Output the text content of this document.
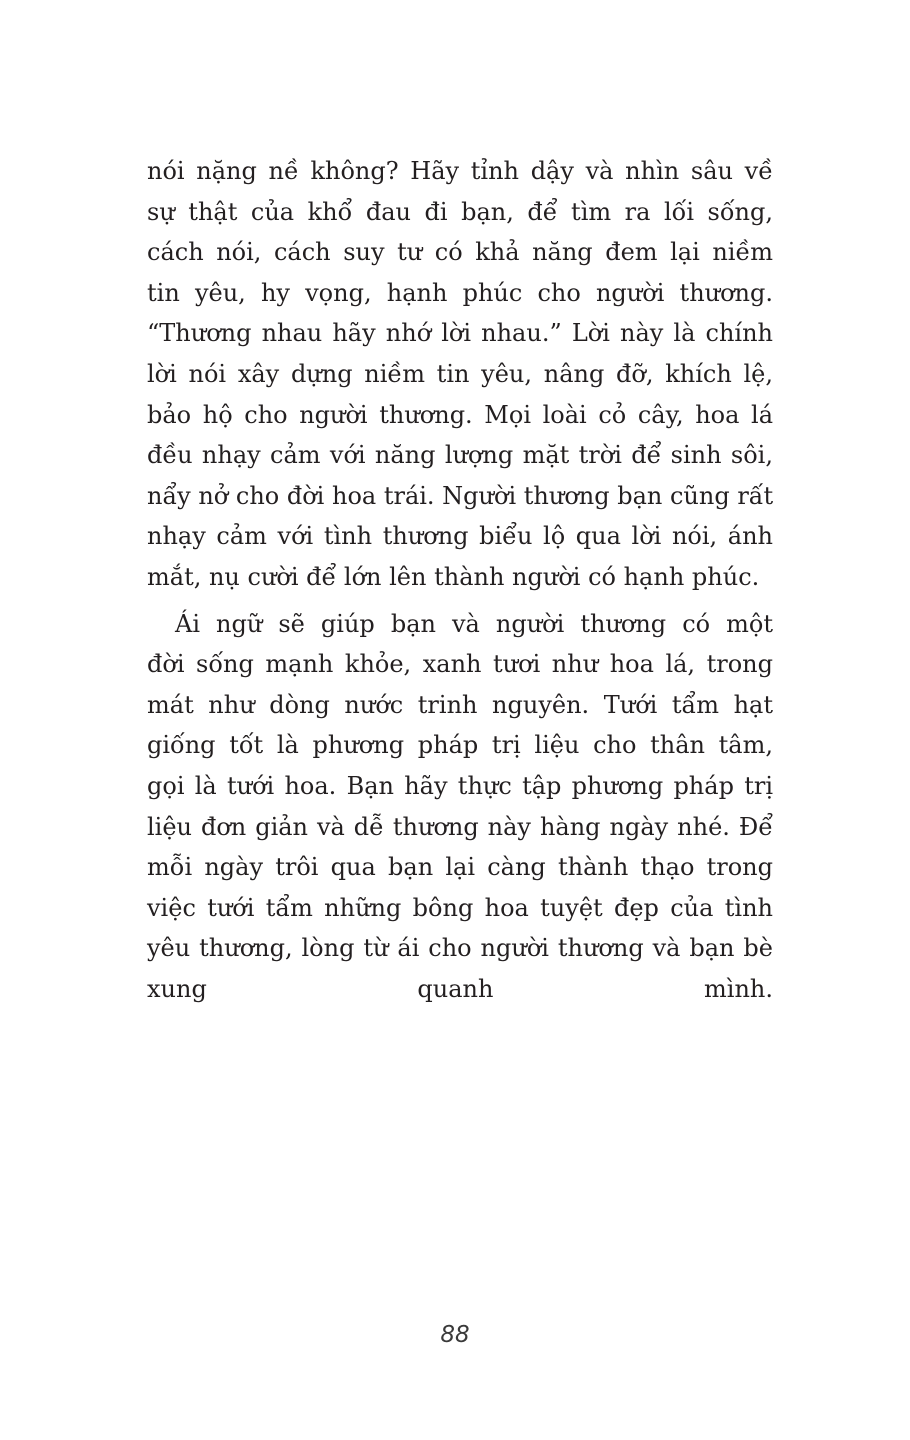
nói nặng nề không? Hãy tỉnh dậy và nhìn sâu về
sự thật của khổ đau đi bạn, để tìm ra lối sống,
cách nói, cách suy tư có khả năng đem lại niềm
tin yêu, hy vọng, hạnh phúc cho người thương.
“Thương nhau hãy nhớ lời nhau.” Lời này là chính
lời nói xây dựng niềm tin yêu, nâng đỡ, khích lệ,
bảo hộ cho người thương. Mọi loài cỏ cây, hoa lá
đều nhạy cảm với năng lượng mặt trời để sinh sôi,
nẩy nở cho đời hoa trái. Người thương bạn cũng rất
nhạy cảm với tình thương biểu lộ qua lời nói, ánh
mắt, nụ cười để lớn lên thành người có hạnh phúc.
Ái ngữ sẽ giúp bạn và người thương có một
đời sống mạnh khỏe, xanh tươi như hoa lá, trong
mát như dòng nước trinh nguyên. Tưới tẩm hạt
giống tốt là phương pháp trị liệu cho thân tâm,
gọi là tưới hoa. Bạn hãy thực tập phương pháp trị
liệu đơn giản và dễ thương này hàng ngày nhé. Để
mỗi ngày trôi qua bạn lại càng thành thạo trong
việc tưới tẩm những bông hoa tuyệt đẹp của tình
yêu thương, lòng từ ái cho người thương và bạn bè
xung quanh mình.
88
